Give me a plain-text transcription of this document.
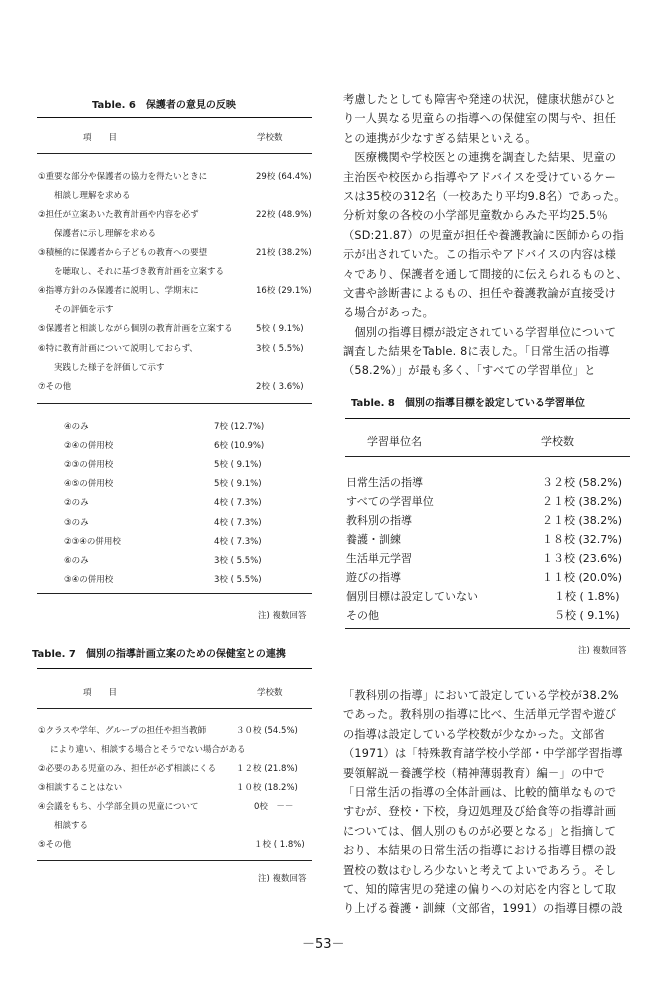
Table. 6　保護者の意見の反映
項　　目	学校数
①重要な部分や保護者の協力を得たいときに	29校 (64.4%)
相談し理解を求める
②担任が立案あいた教育計画や内容を必ず	22校 (48.9%)
保護者に示し理解を求める
③積極的に保護者から子どもの教育への要望	21校 (38.2%)
を聴取し、それに基づき教育計画を立案する
④指導方針のみ保護者に説明し、学期末に	16校 (29.1%)
その評価を示す
⑤保護者と相談しながら個別の教育計画を立案する	5校 ( 9.1%)
⑥特に教育計画について説明しておらず、	3校 ( 5.5%)
実践した様子を評価して示す
⑦その他	2校 ( 3.6%)
④のみ	7校 (12.7%)
②④の併用校	6校 (10.9%)
②③の併用校	5校 ( 9.1%)
④⑤の併用校	5校 ( 9.1%)
②のみ	4校 ( 7.3%)
③のみ	4校 ( 7.3%)
②③④の併用校	4校 ( 7.3%)
⑥のみ	3校 ( 5.5%)
③④の併用校	3校 ( 5.5%)
注) 複数回答
Table. 7　個別の指導計画立案のための保健室との連携
項　　目	学校数
①クラスや学年、グループの担任や担当教師	３０校 (54.5%)
により違い、相談する場合とそうでない場合がある
②必要のある児童のみ、担任が必ず相談にくる １２校 (21.8%)
③相談することはない	１０校 (18.2%)
④会議をもち、小学部全員の児童について	0校　－－
相談する
⑤その他	１校 ( 1.8%)
注) 複数回答
考慮したとしても障害や発達の状況，健康状態がひと
り一人異なる児童らの指導への保健室の関与や、担任
との連携が少なすぎる結果といえる。
　医療機関や学校医との連携を調査した結果、児童の
主治医や校医から指導やアドバイスを受けているケー
スは35校の312名（一校あたり平均9.8名）であった。
分析対象の各校の小学部児童数からみた平均25.5％
（SD:21.87）の児童が担任や養護教論に医師からの指
示が出されていた。この指示やアドバイスの内容は様
々であり、保護者を通して間接的に伝えられるものと、
文書や診断書によるもの、担任や養護教論が直接受け
る場合があった。
　個別の指導目標が設定されている学習単位について
調査した結果をTable. 8に表した。「日常生活の指導
（58.2%）」が最も多く、「すべての学習単位」と
Table. 8　個別の指導目標を設定している学習単位
学習単位名	学校数
日常生活の指導	３２校 (58.2%)
すべての学習単位	２１校 (38.2%)
教科別の指導	２１校 (38.2%)
養護・訓練	１８校 (32.7%)
生活単元学習	１３校 (23.6%)
遊びの指導	１１校 (20.0%)
個別目標は設定していない	１校 ( 1.8%)
その他	５校 ( 9.1%)
注) 複数回答
「教科別の指導」において設定している学校が38.2%
であった。教科別の指導に比べ、生活単元学習や遊び
の指導は設定している学校数が少なかった。文部省
（1971）は「特殊教育諸学校小学部・中学部学習指導
要領解説－養護学校（精神薄弱教育）編－」の中で
「日常生活の指導の全体計画は、比較的簡単なもので
すむが、登校・下校，身辺処理及び給食等の指導計画
については、個人別のものが必要となる」と指摘して
おり、本結果の日常生活の指導における指導目標の設
置校の数はむしろ少ないと考えてよいであろう。そし
て、知的障害児の発達の偏りへの対応を内容として取
り上げる養護・訓練（文部省，1991）の指導目標の設
－53－
